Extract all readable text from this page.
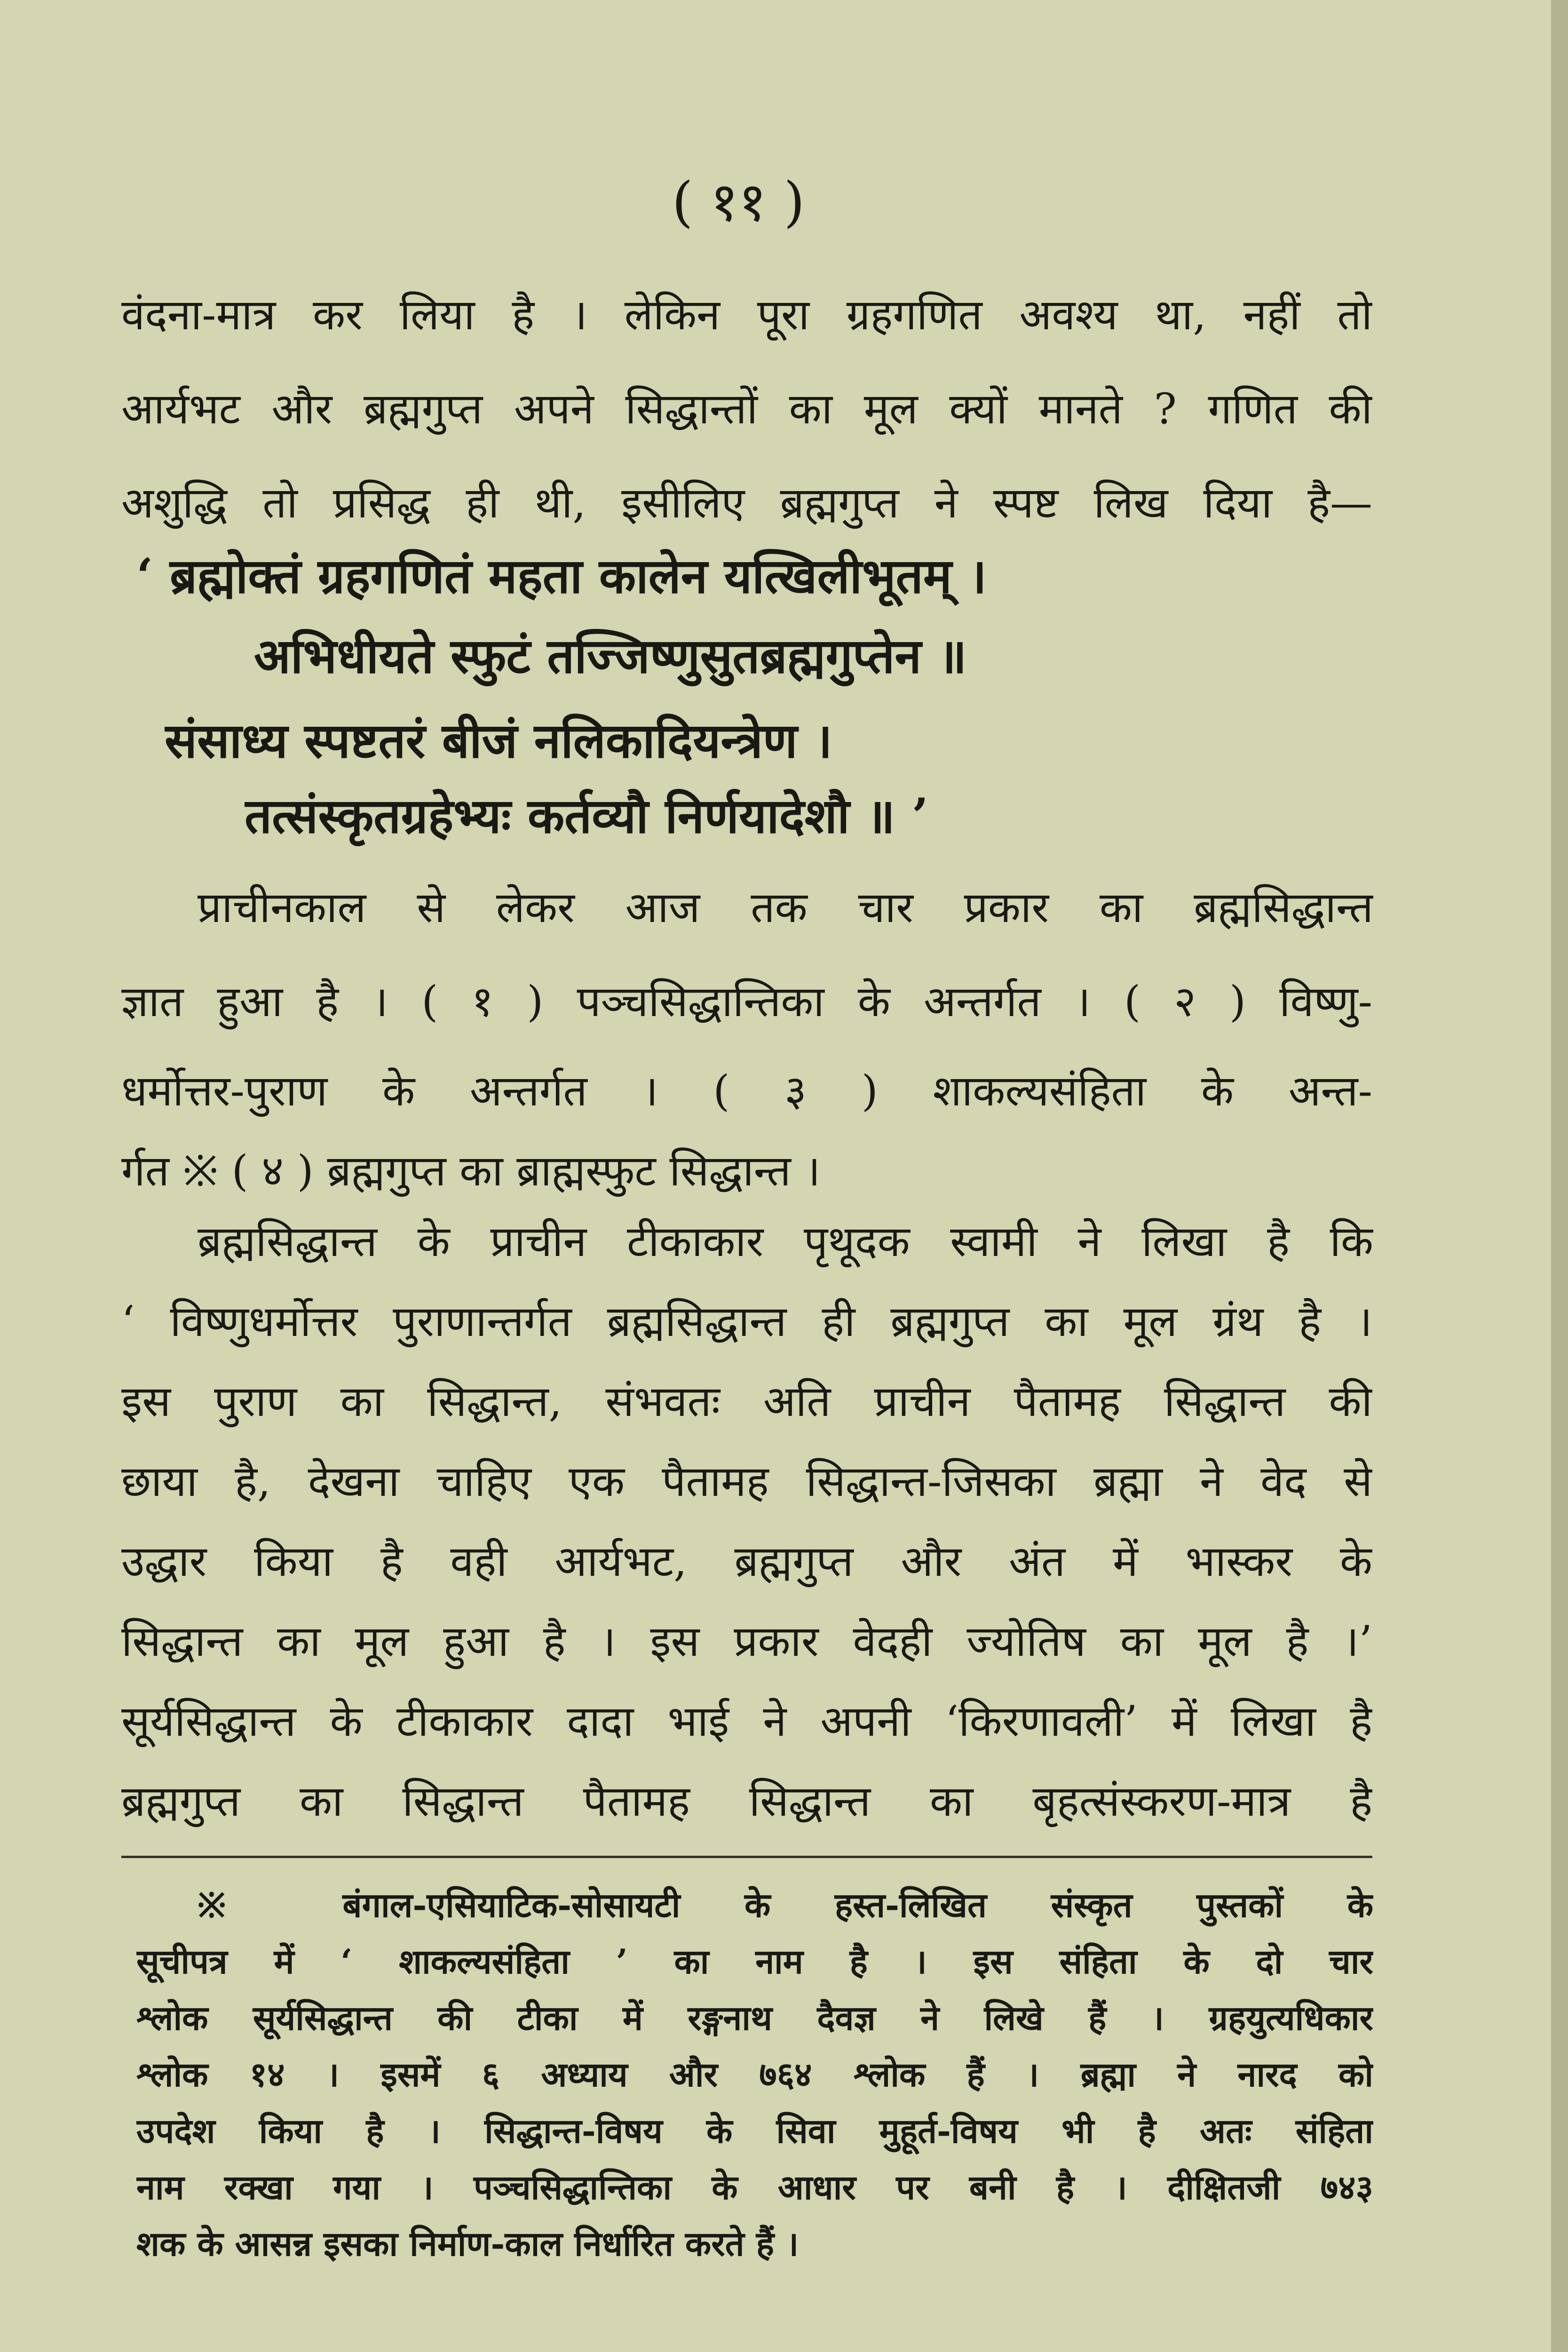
( ११ )
वंदना-मात्र कर लिया है । लेकिन पूरा ग्रहगणित अवश्य था, नहीं तो
आर्यभट और ब्रह्मगुप्त अपने सिद्धान्तों का मूल क्यों मानते ? गणित की
अशुद्धि तो प्रसिद्ध ही थी, इसीलिए ब्रह्मगुप्त ने स्पष्ट लिख दिया है—
‘ ब्रह्मोक्तं ग्रहगणितं महता कालेन यत्खिलीभूतम् ।
अभिधीयते स्फुटं तज्जिष्णुसुतब्रह्मगुप्तेन ॥
संसाध्य स्पष्टतरं बीजं नलिकादियन्त्रेण ।
तत्संस्कृतग्रहेभ्यः कर्तव्यौ निर्णयादेशौ ॥ ’
प्राचीनकाल से लेकर आज तक चार प्रकार का ब्रह्मसिद्धान्त
ज्ञात हुआ है । ( १ ) पञ्चसिद्धान्तिका के अन्तर्गत । ( २ ) विष्णु-
धर्मोत्तर-पुराण के अन्तर्गत । ( ३ ) शाकल्यसंहिता के अन्त-
र्गत ※ ( ४ ) ब्रह्मगुप्त का ब्राह्मस्फुट सिद्धान्त ।
ब्रह्मसिद्धान्त के प्राचीन टीकाकार पृथूदक स्वामी ने लिखा है कि
‘ विष्णुधर्मोत्तर पुराणान्तर्गत ब्रह्मसिद्धान्त ही ब्रह्मगुप्त का मूल ग्रंथ है ।
इस पुराण का सिद्धान्त, संभवतः अति प्राचीन पैतामह सिद्धान्त की
छाया है, देखना चाहिए एक पैतामह सिद्धान्त-जिसका ब्रह्मा ने वेद से
उद्धार किया है वही आर्यभट, ब्रह्मगुप्त और अंत में भास्कर के
सिद्धान्त का मूल हुआ है । इस प्रकार वेदही ज्योतिष का मूल है ।’
सूर्यसिद्धान्त के टीकाकार दादा भाई ने अपनी ‘किरणावली’ में लिखा है
ब्रह्मगुप्त का सिद्धान्त पैतामह सिद्धान्त का बृहत्संस्करण-मात्र है
※ बंगाल-एसियाटिक-सोसायटी के हस्त-लिखित संस्कृत पुस्तकों के
सूचीपत्र में ‘ शाकल्यसंहिता ’ का नाम है । इस संहिता के दो चार
श्लोक सूर्यसिद्धान्त की टीका में रङ्गनाथ दैवज्ञ ने लिखे हैं । ग्रहयुत्यधिकार
श्लोक १४ । इसमें ६ अध्याय और ७६४ श्लोक हैं । ब्रह्मा ने नारद को
उपदेश किया है । सिद्धान्त-विषय के सिवा मुहूर्त-विषय भी है अतः संहिता
नाम रक्खा गया । पञ्चसिद्धान्तिका के आधार पर बनी है । दीक्षितजी ७४३
शक के आसन्न इसका निर्माण-काल निर्धारित करते हैं ।
